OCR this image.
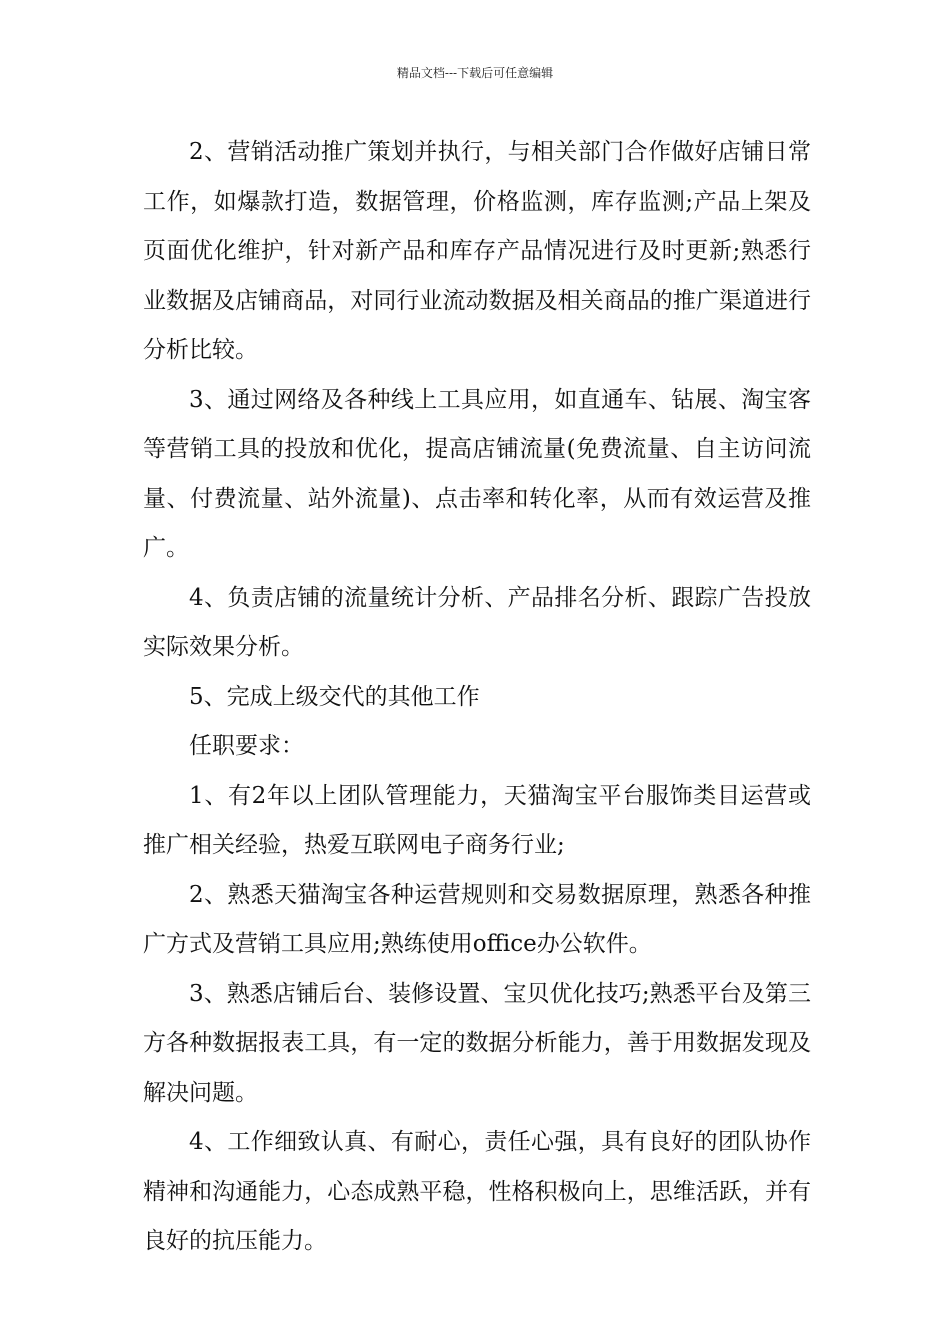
精品文档---下载后可任意编辑

2、营销活动推广策划并执行，与相关部门合作做好店铺日常工作，如爆款打造，数据管理，价格监测，库存监测;产品上架及页面优化维护，针对新产品和库存产品情况进行及时更新;熟悉行业数据及店铺商品，对同行业流动数据及相关商品的推广渠道进行分析比较。

3、通过网络及各种线上工具应用，如直通车、钻展、淘宝客等营销工具的投放和优化，提高店铺流量(免费流量、自主访问流量、付费流量、站外流量)、点击率和转化率，从而有效运营及推广。

4、负责店铺的流量统计分析、产品排名分析、跟踪广告投放实际效果分析。

5、完成上级交代的其他工作

任职要求：

1、有2年以上团队管理能力，天猫淘宝平台服饰类目运营或推广相关经验，热爱互联网电子商务行业;

2、熟悉天猫淘宝各种运营规则和交易数据原理，熟悉各种推广方式及营销工具应用;熟练使用office办公软件。

3、熟悉店铺后台、装修设置、宝贝优化技巧;熟悉平台及第三方各种数据报表工具，有一定的数据分析能力，善于用数据发现及解决问题。

4、工作细致认真、有耐心，责任心强，具有良好的团队协作精神和沟通能力，心态成熟平稳，性格积极向上，思维活跃，并有良好的抗压能力。
